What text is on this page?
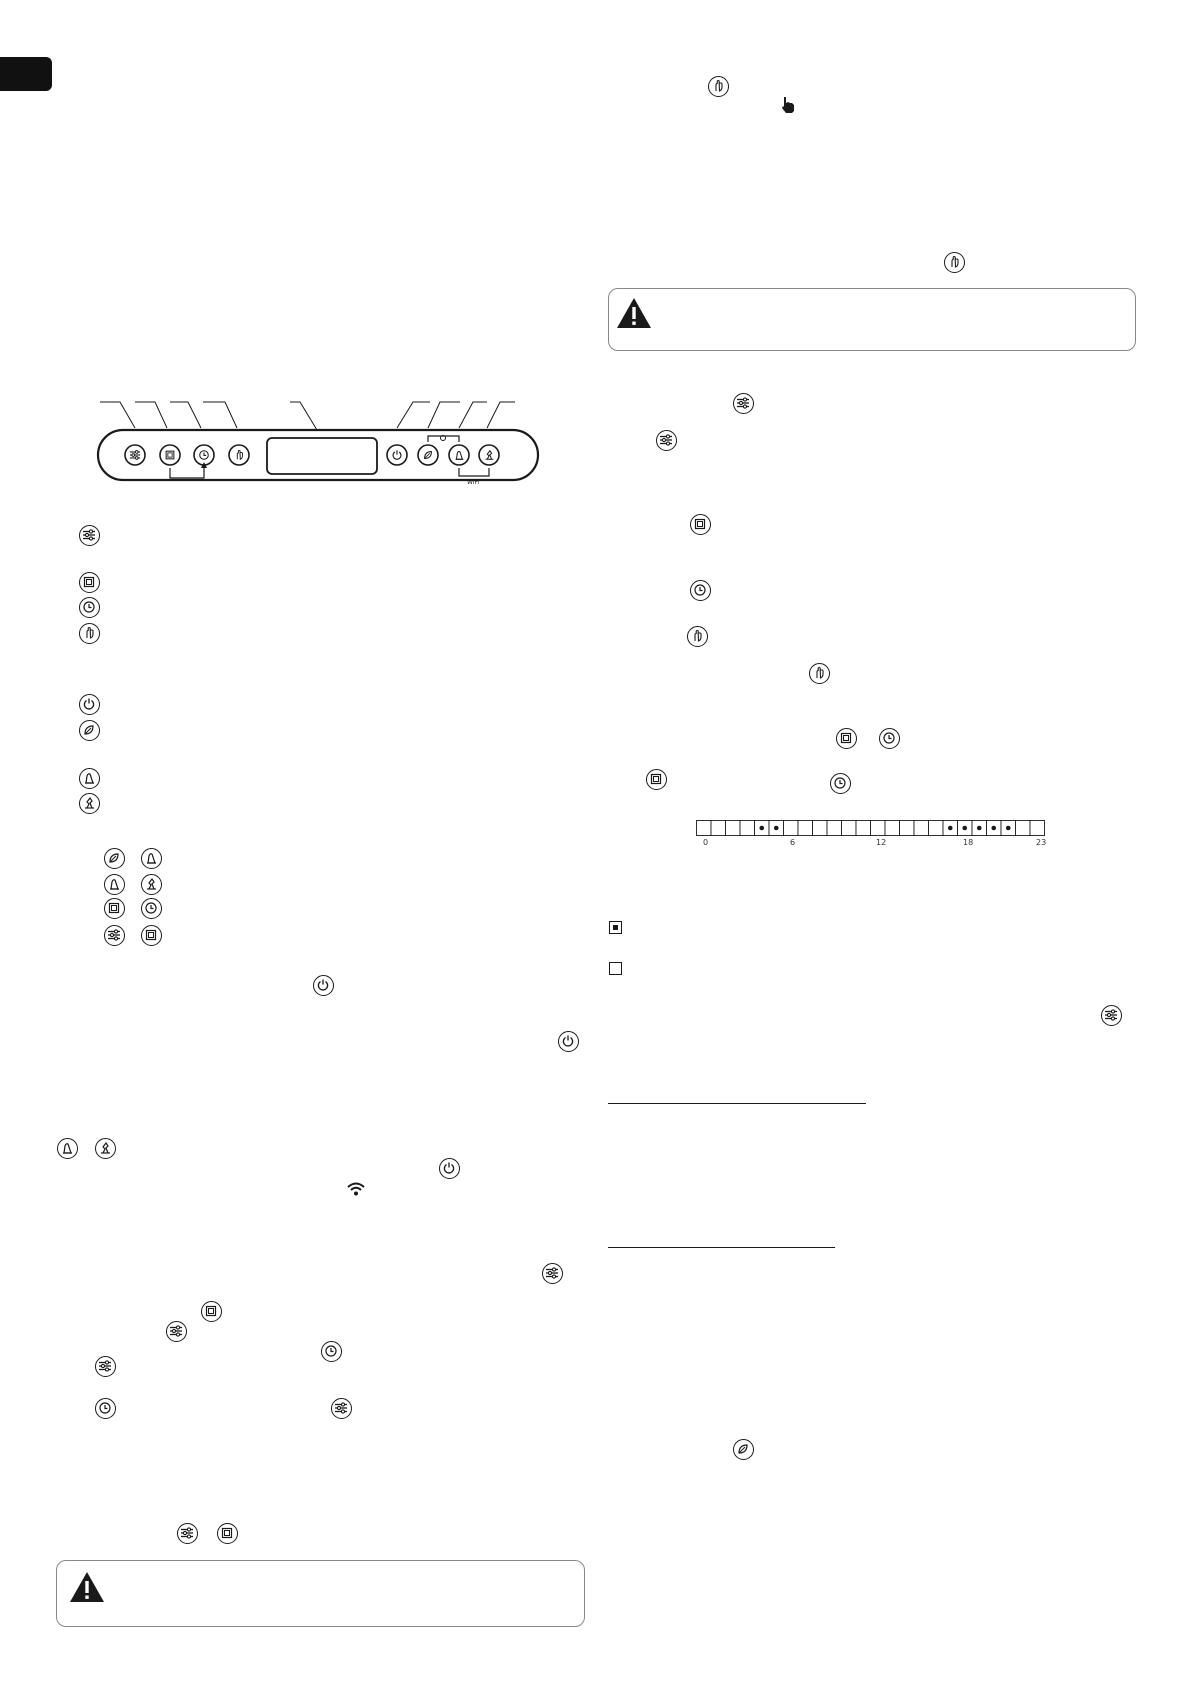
WiFi
0	6	12	18	23
